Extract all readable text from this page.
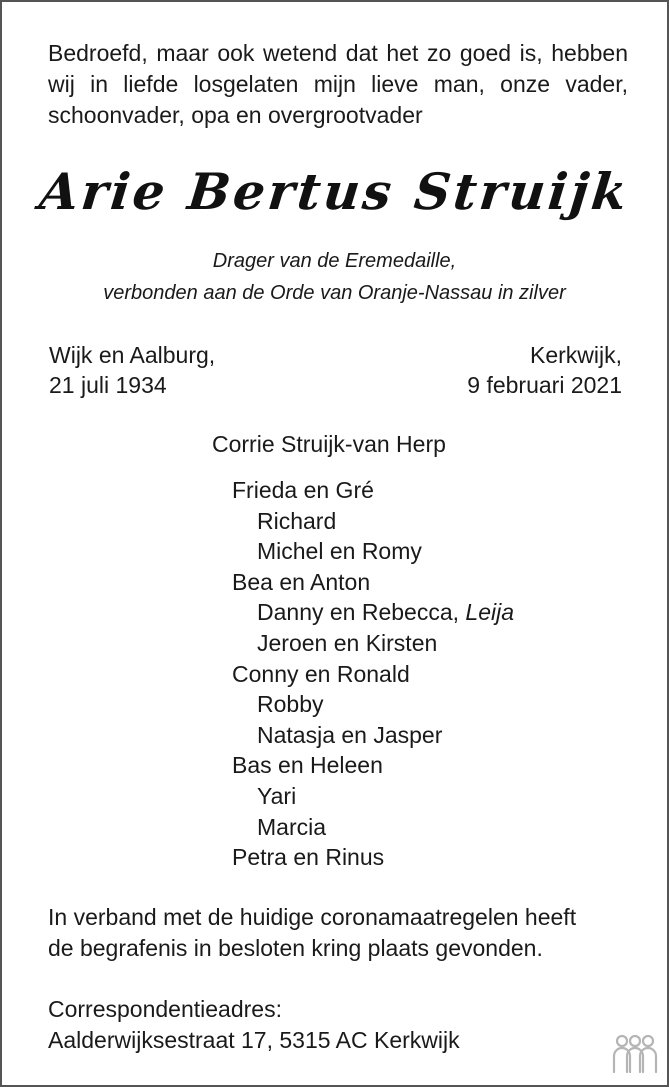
Bedroefd, maar ook wetend dat het zo goed is, hebben
wij in liefde losgelaten mijn lieve man, onze vader,
schoonvader, opa en overgrootvader
Arie Bertus Struijk
Drager van de Eremedaille,
verbonden aan de Orde van Oranje-Nassau in zilver
Wijk en Aalburg,
21 juli 1934
Kerkwijk,
9 februari 2021
Corrie Struijk-van Herp
Frieda en Gré
Richard
Michel en Romy
Bea en Anton
Danny en Rebecca, Leija
Jeroen en Kirsten
Conny en Ronald
Robby
Natasja en Jasper
Bas en Heleen
Yari
Marcia
Petra en Rinus
In verband met de huidige coronamaatregelen heeft
de begrafenis in besloten kring plaats gevonden.
Correspondentieadres:
Aalderwijksestraat 17, 5315 AC Kerkwijk
